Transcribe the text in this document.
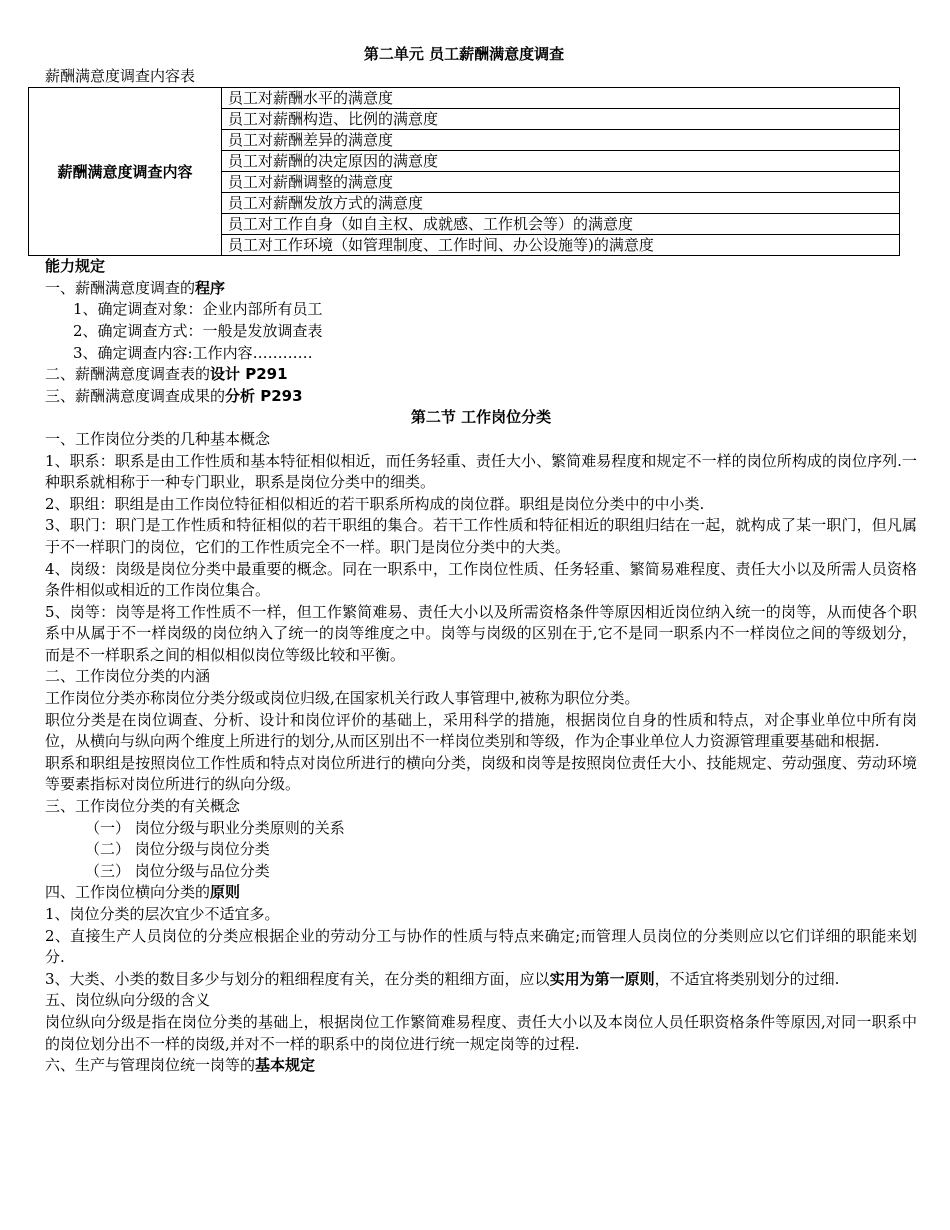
第二单元 员工薪酬满意度调查
薪酬满意度调查内容表
薪酬满意度调查内容	员工对薪酬水平的满意度
员工对薪酬构造、比例的满意度
员工对薪酬差异的满意度
员工对薪酬的决定原因的满意度
员工对薪酬调整的满意度
员工对薪酬发放方式的满意度
员工对工作自身（如自主权、成就感、工作机会等）的满意度
员工对工作环境（如管理制度、工作时间、办公设施等)的满意度
能力规定
一、薪酬满意度调查的程序
1、确定调查对象：企业内部所有员工
2、确定调查方式：一般是发放调查表
3、确定调查内容:工作内容…………
二、薪酬满意度调查表的设计 P291
三、薪酬满意度调查成果的分析 P293
第二节 工作岗位分类
一、工作岗位分类的几种基本概念
1、职系：职系是由工作性质和基本特征相似相近，而任务轻重、责任大小、繁简难易程度和规定不一样的岗位所构成的岗位序列.一种职系就相称于一种专门职业，职系是岗位分类中的细类。
2、职组：职组是由工作岗位特征相似相近的若干职系所构成的岗位群。职组是岗位分类中的中小类.
3、职门：职门是工作性质和特征相似的若干职组的集合。若干工作性质和特征相近的职组归结在一起，就构成了某一职门，但凡属于不一样职门的岗位，它们的工作性质完全不一样。职门是岗位分类中的大类。
4、岗级：岗级是岗位分类中最重要的概念。同在一职系中，工作岗位性质、任务轻重、繁简易难程度、责任大小以及所需人员资格条件相似或相近的工作岗位集合。
5、岗等：岗等是将工作性质不一样，但工作繁简难易、责任大小以及所需资格条件等原因相近岗位纳入统一的岗等，从而使各个职系中从属于不一样岗级的岗位纳入了统一的岗等维度之中。岗等与岗级的区别在于,它不是同一职系内不一样岗位之间的等级划分，而是不一样职系之间的相似相似岗位等级比较和平衡。
二、工作岗位分类的内涵
工作岗位分类亦称岗位分类分级或岗位归级,在国家机关行政人事管理中,被称为职位分类。
职位分类是在岗位调查、分析、设计和岗位评价的基础上，采用科学的措施，根据岗位自身的性质和特点，对企事业单位中所有岗位，从横向与纵向两个维度上所进行的划分,从而区别出不一样岗位类别和等级，作为企事业单位人力资源管理重要基础和根据.
职系和职组是按照岗位工作性质和特点对岗位所进行的横向分类，岗级和岗等是按照岗位责任大小、技能规定、劳动强度、劳动环境等要素指标对岗位所进行的纵向分级。
三、工作岗位分类的有关概念
（一） 岗位分级与职业分类原则的关系
（二） 岗位分级与岗位分类
（三） 岗位分级与品位分类
四、工作岗位横向分类的原则
1、岗位分类的层次宜少不适宜多。
2、直接生产人员岗位的分类应根据企业的劳动分工与协作的性质与特点来确定;而管理人员岗位的分类则应以它们详细的职能来划分.
3、大类、小类的数目多少与划分的粗细程度有关，在分类的粗细方面，应以实用为第一原则，不适宜将类别划分的过细.
五、岗位纵向分级的含义
岗位纵向分级是指在岗位分类的基础上，根据岗位工作繁简难易程度、责任大小以及本岗位人员任职资格条件等原因,对同一职系中的岗位划分出不一样的岗级,并对不一样的职系中的岗位进行统一规定岗等的过程.
六、生产与管理岗位统一岗等的基本规定
